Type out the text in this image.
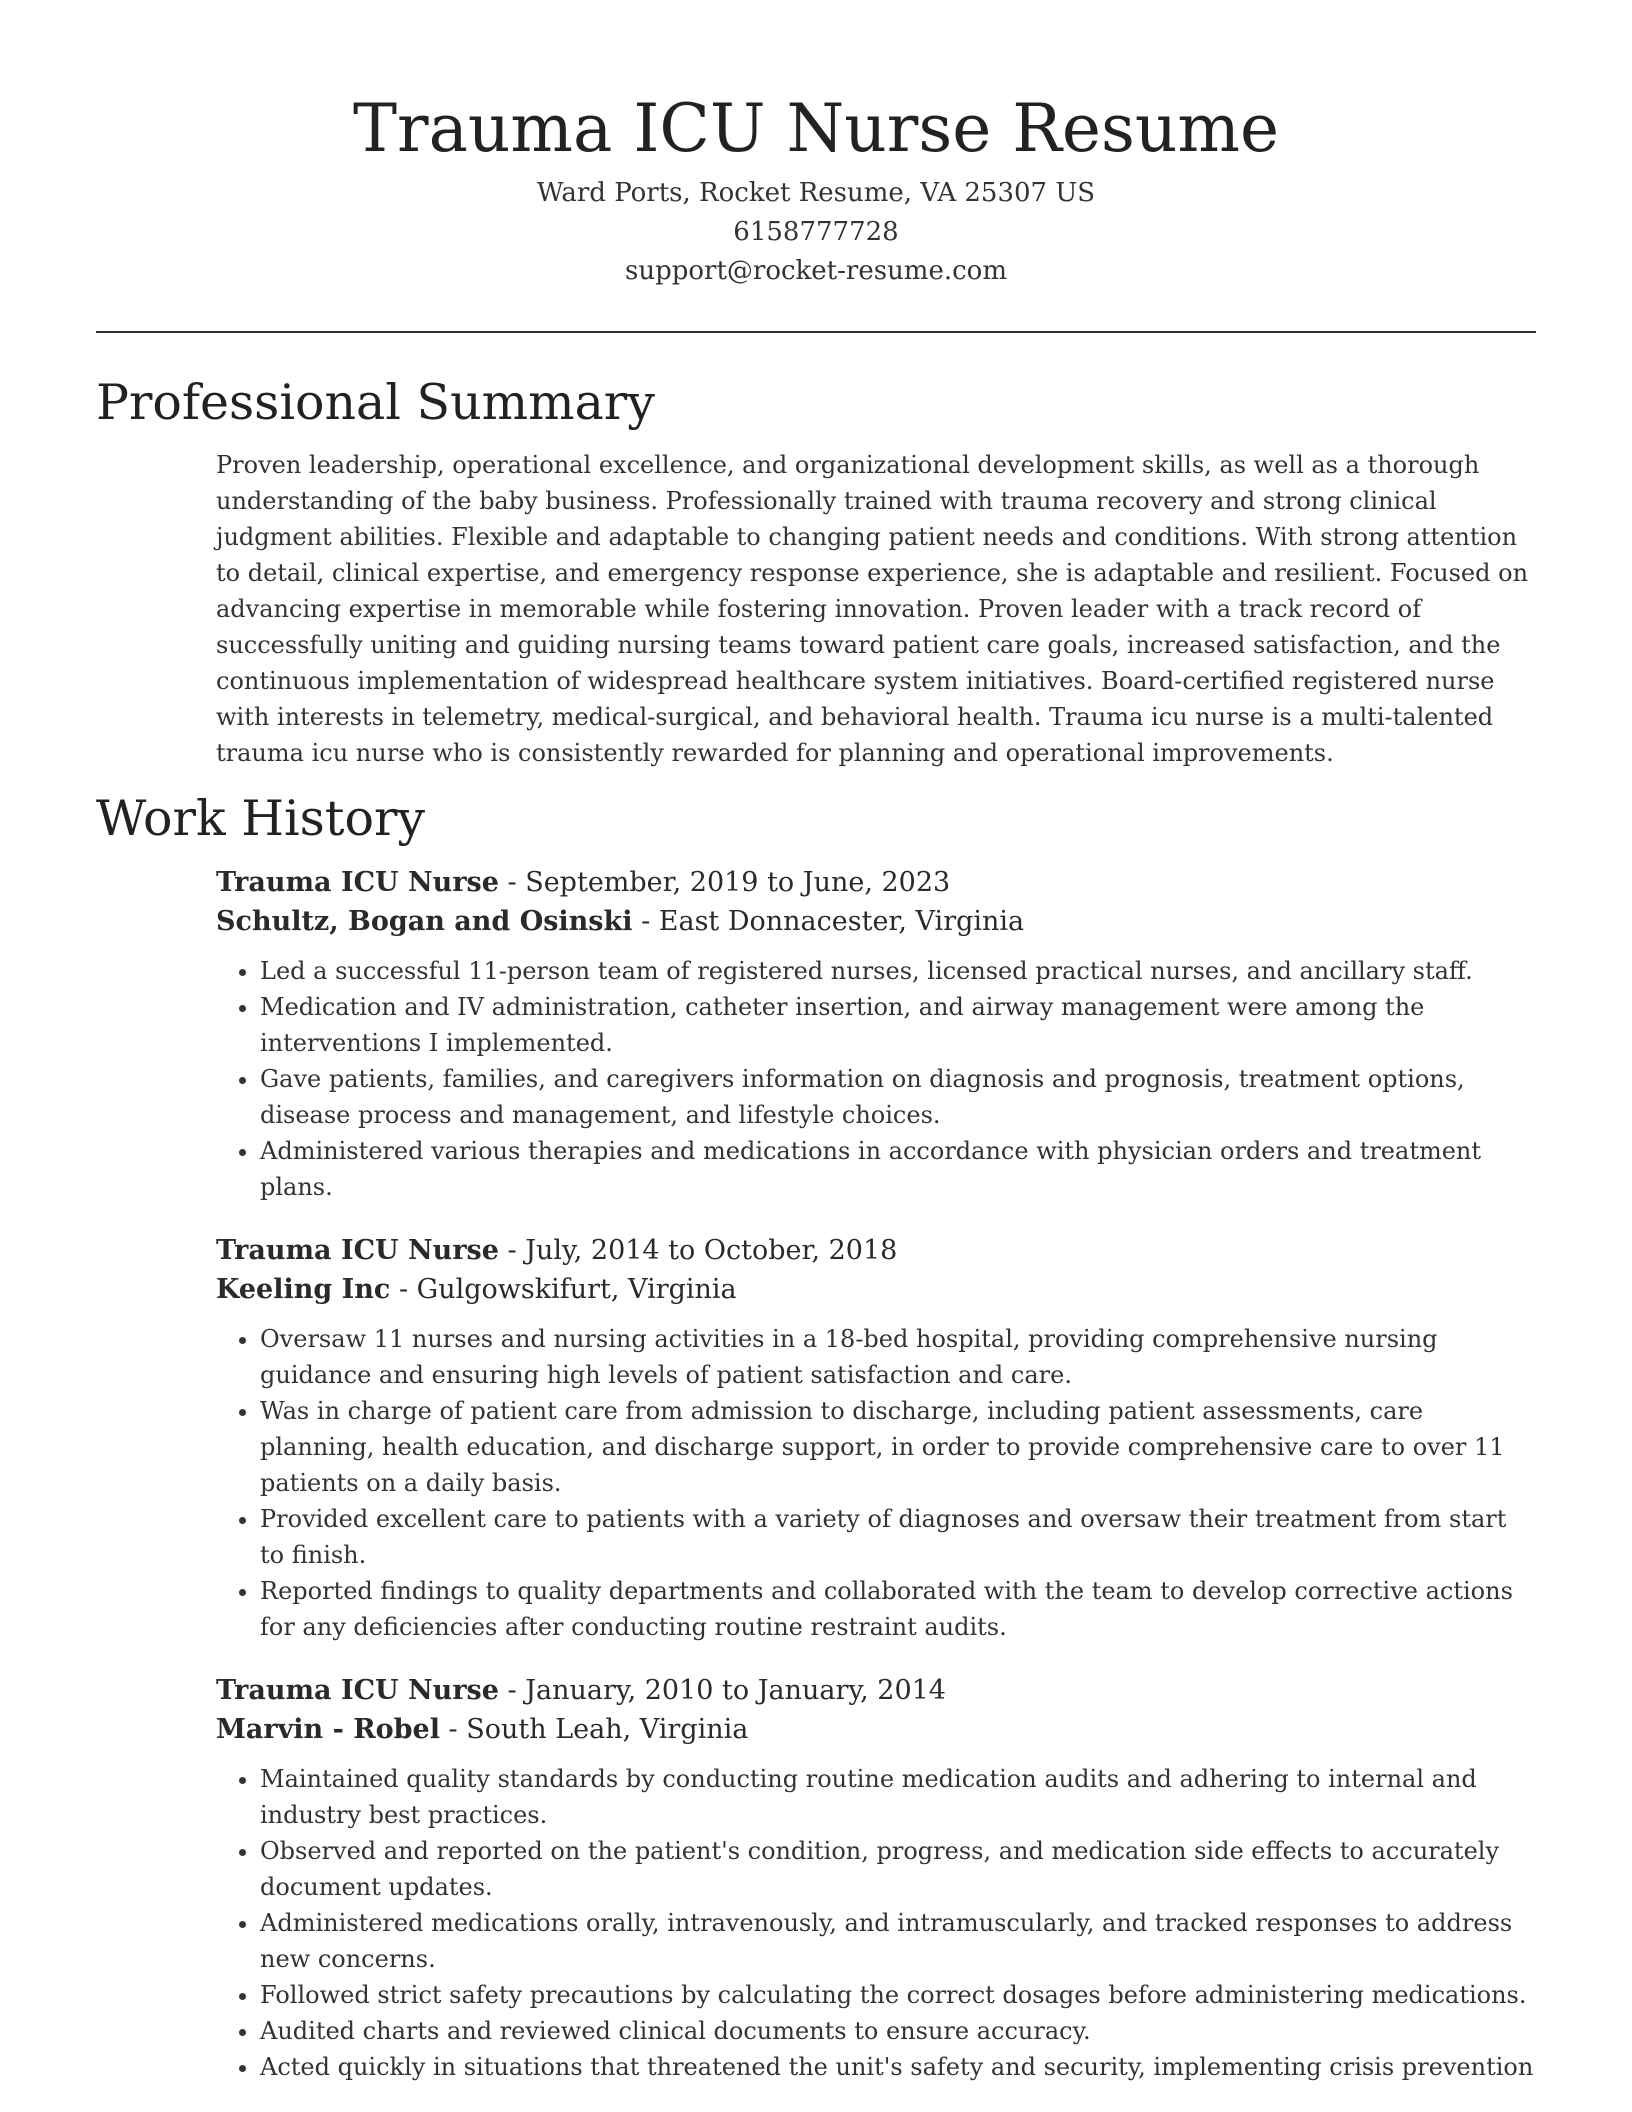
Trauma ICU Nurse Resume
Ward Ports, Rocket Resume, VA 25307 US
6158777728
support@rocket-resume.com
Professional Summary

Proven leadership, operational excellence, and organizational development skills, as well as a thorough understanding of the baby business. Professionally trained with trauma recovery and strong clinical judgment abilities. Flexible and adaptable to changing patient needs and conditions. With strong attention to detail, clinical expertise, and emergency response experience, she is adaptable and resilient. Focused on advancing expertise in memorable while fostering innovation. Proven leader with a track record of successfully uniting and guiding nursing teams toward patient care goals, increased satisfaction, and the continuous implementation of widespread healthcare system initiatives. Board-certified registered nurse with interests in telemetry, medical-surgical, and behavioral health. Trauma icu nurse is a multi-talented trauma icu nurse who is consistently rewarded for planning and operational improvements.

Work History
Trauma ICU Nurse - September, 2019 to June, 2023
Schultz, Bogan and Osinski - East Donnacester, Virginia
• Led a successful 11-person team of registered nurses, licensed practical nurses, and ancillary staff.
• Medication and IV administration, catheter insertion, and airway management were among the interventions I implemented.
• Gave patients, families, and caregivers information on diagnosis and prognosis, treatment options, disease process and management, and lifestyle choices.
• Administered various therapies and medications in accordance with physician orders and treatment plans.
Trauma ICU Nurse - July, 2014 to October, 2018
Keeling Inc - Gulgowskifurt, Virginia
• Oversaw 11 nurses and nursing activities in a 18-bed hospital, providing comprehensive nursing guidance and ensuring high levels of patient satisfaction and care.
• Was in charge of patient care from admission to discharge, including patient assessments, care planning, health education, and discharge support, in order to provide comprehensive care to over 11 patients on a daily basis.
• Provided excellent care to patients with a variety of diagnoses and oversaw their treatment from start to finish.
• Reported findings to quality departments and collaborated with the team to develop corrective actions for any deficiencies after conducting routine restraint audits.
Trauma ICU Nurse - January, 2010 to January, 2014
Marvin - Robel - South Leah, Virginia
• Maintained quality standards by conducting routine medication audits and adhering to internal and industry best practices.
• Observed and reported on the patient's condition, progress, and medication side effects to accurately document updates.
• Administered medications orally, intravenously, and intramuscularly, and tracked responses to address new concerns.
• Followed strict safety precautions by calculating the correct dosages before administering medications.
• Audited charts and reviewed clinical documents to ensure accuracy.
• Acted quickly in situations that threatened the unit's safety and security, implementing crisis prevention
